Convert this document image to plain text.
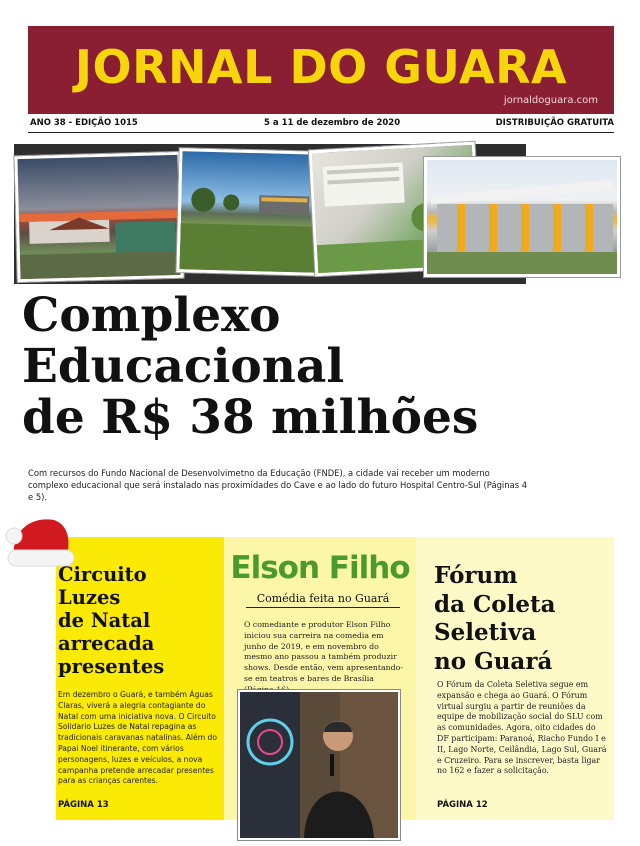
JORNAL DO GUARA
jornaldoguara.com
ANO 38 - EDIÇÃO 1015	5 a 11 de dezembro de 2020	DISTRIBUIÇÃO GRATUITA
Complexo
Educacional
de R$ 38 milhões
Com recursos do Fundo Nacional de Desenvolvimetno da Educação (FNDE), a cidade vai receber um moderno complexo educacional que será instalado nas proximidades do Cave e ao lado do futuro Hospital Centro-Sul (Páginas 4 e 5).
Circuito
Luzes
de Natal
arrecada
presentes
Em dezembro o Guará, e também Águas Claras, viverá a alegria contagiante do Natal com uma iniciativa nova. O Circuito Solidario Luzes de Natal repagina as tradicionais caravanas natalinas. Além do Papai Noel itinerante, com vários personagens, luzes e veículos, a nova campanha pretende arrecadar presentes para as crianças carentes.
PÁGINA 13
Elson Filho
Comédia feita no Guará
O comediante e produtor Elson Filho iniciou sua carreira na comedia em junho de 2019, e em novembro do mesmo ano passou a também produzir shows. Desde então, vem apresentando-se em teatros e bares de Brasília
Fórum
da Coleta
Seletiva
no Guará
O Fórum da Coleta Seletiva segue em expansão e chega ao Guará. O Fórum virtual surgiu a partir de reuniões da equipe de mobilização social do SLU com as comunidades. Agora, oito cidades do DF participam: Paranoá, Riacho Fundo I e II, Lago Norte, Ceilândia, Lago Sul, Guará e Cruzeiro. Para se inscrever, basta ligar no 162 e fazer a solicitação.
PÁGINA 12
